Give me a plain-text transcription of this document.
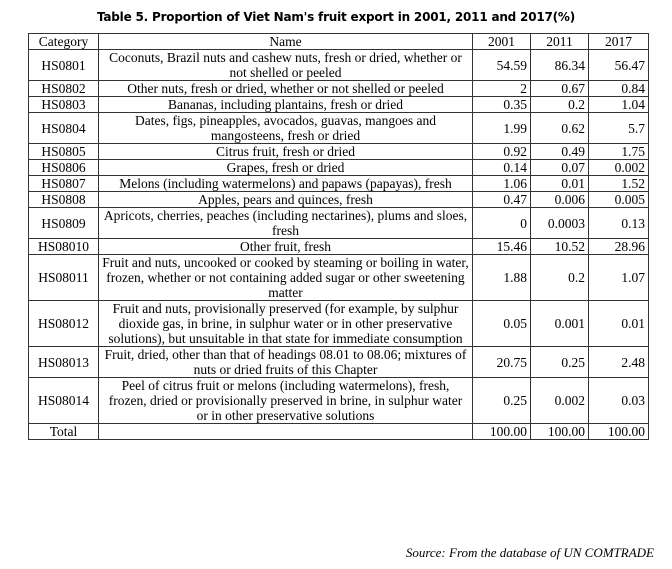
Table 5. Proportion of Viet Nam's fruit export in 2001, 2011 and 2017(%)
Category	Name	2001	2011	2017
HS0801	Coconuts, Brazil nuts and cashew nuts, fresh or dried, whether or not shelled or peeled	54.59	86.34	56.47
HS0802	Other nuts, fresh or dried, whether or not shelled or peeled	2	0.67	0.84
HS0803	Bananas, including plantains, fresh or dried	0.35	0.2	1.04
HS0804	Dates, figs, pineapples, avocados, guavas, mangoes and mangosteens, fresh or dried	1.99	0.62	5.7
HS0805	Citrus fruit, fresh or dried	0.92	0.49	1.75
HS0806	Grapes, fresh or dried	0.14	0.07	0.002
HS0807	Melons (including watermelons) and papaws (papayas), fresh	1.06	0.01	1.52
HS0808	Apples, pears and quinces, fresh	0.47	0.006	0.005
HS0809	Apricots, cherries, peaches (including nectarines), plums and sloes, fresh	0	0.0003	0.13
HS08010	Other fruit, fresh	15.46	10.52	28.96
HS08011	Fruit and nuts, uncooked or cooked by steaming or boiling in water, frozen, whether or not containing added sugar or other sweetening matter	1.88	0.2	1.07
HS08012	Fruit and nuts, provisionally preserved (for example, by sulphur dioxide gas, in brine, in sulphur water or in other preservative solutions), but unsuitable in that state for immediate consumption	0.05	0.001	0.01
HS08013	Fruit, dried, other than that of headings 08.01 to 08.06; mixtures of nuts or dried fruits of this Chapter	20.75	0.25	2.48
HS08014	Peel of citrus fruit or melons (including watermelons), fresh, frozen, dried or provisionally preserved in brine, in sulphur water or in other preservative solutions	0.25	0.002	0.03
Total		100.00	100.00	100.00
Source: From the database of UN COMTRADE
